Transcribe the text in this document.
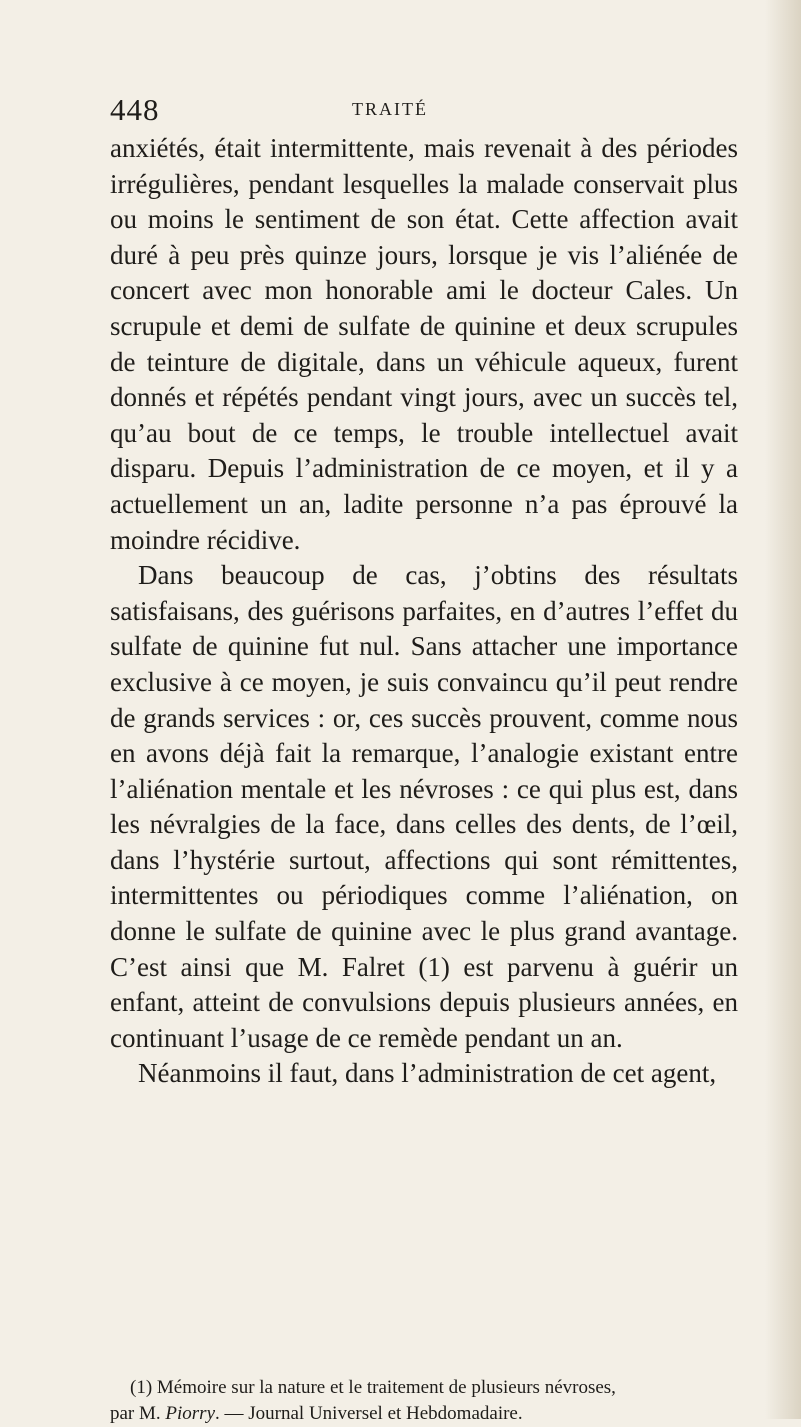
448	TRAITÉ

anxiétés, était intermittente, mais revenait à des périodes irrégulières, pendant lesquelles la malade conservait plus ou moins le sentiment de son état. Cette affection avait duré à peu près quinze jours, lorsque je vis l’aliénée de concert avec mon honorable ami le docteur Cales. Un scrupule et demi de sulfate de quinine et deux scrupules de teinture de digitale, dans un véhicule aqueux, furent donnés et répétés pendant vingt jours, avec un succès tel, qu’au bout de ce temps, le trouble intellectuel avait disparu. Depuis l’administration de ce moyen, et il y a actuellement un an, ladite personne n’a pas éprouvé la moindre récidive.

Dans beaucoup de cas, j’obtins des résultats satisfaisans, des guérisons parfaites, en d’autres l’effet du sulfate de quinine fut nul. Sans attacher une importance exclusive à ce moyen, je suis convaincu qu’il peut rendre de grands services : or, ces succès prouvent, comme nous en avons déjà fait la remarque, l’analogie existant entre l’aliénation mentale et les névroses : ce qui plus est, dans les névralgies de la face, dans celles des dents, de l’œil, dans l’hystérie surtout, affections qui sont rémittentes, intermittentes ou périodiques comme l’aliénation, on donne le sulfate de quinine avec le plus grand avantage. C’est ainsi que M. Falret (1) est parvenu à guérir un enfant, atteint de convulsions depuis plusieurs années, en continuant l’usage de ce remède pendant un an.

Néanmoins il faut, dans l’administration de cet agent,

(1) Mémoire sur la nature et le traitement de plusieurs névroses,

par M. Piorry. — Journal Universel et Hebdomadaire.
